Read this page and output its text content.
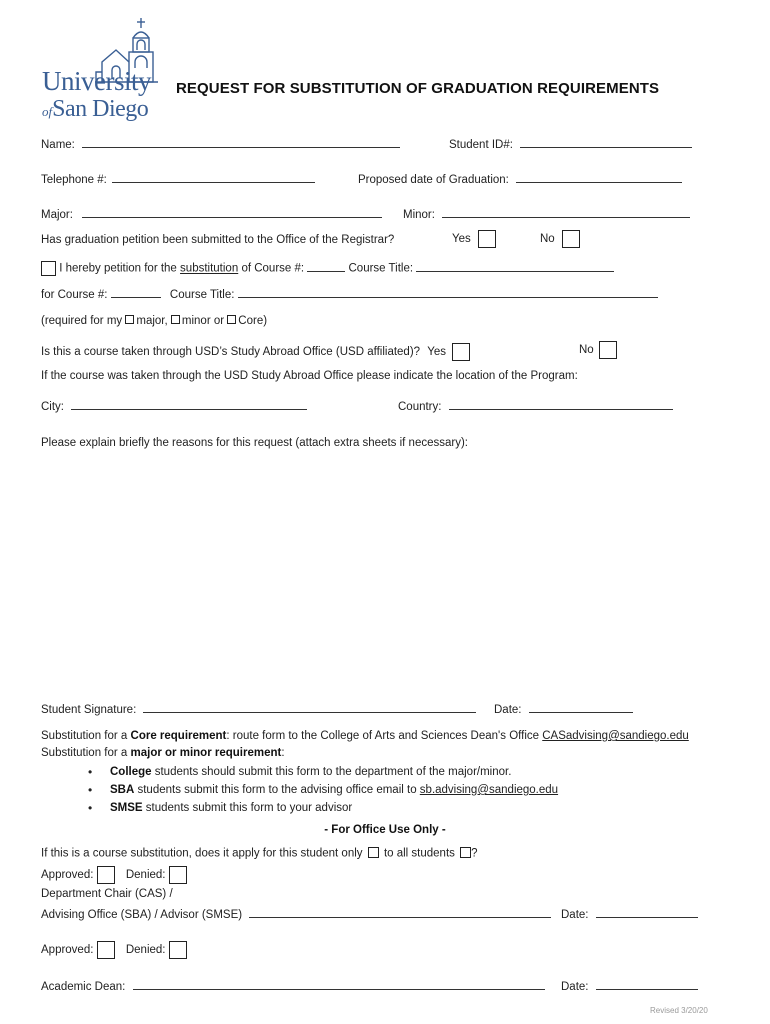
University
ofSan Diego
REQUEST FOR SUBSTITUTION OF GRADUATION REQUIREMENTS
Name:	Student ID#:
Telephone #:	Proposed date of Graduation:
Major:	Minor:
Has graduation petition been submitted to the Office of the Registrar?	Yes	No
I hereby petition for the substitution of Course #:	Course Title:
for Course #:	Course Title:
(required for my major, minor or Core)
Is this a course taken through USD’s Study Abroad Office (USD affiliated)? Yes	No
If the course was taken through the USD Study Abroad Office please indicate the location of the Program:
City:	Country:
Please explain briefly the reasons for this request (attach extra sheets if necessary):
Student Signature:	Date:
Substitution for a Core requirement: route form to the College of Arts and Sciences Dean's Office CASadvising@sandiego.edu
Substitution for a major or minor requirement:
• College students should submit this form to the department of the major/minor.
• SBA students submit this form to the advising office email to sb.advising@sandiego.edu
• SMSE students submit this form to your advisor
- For Office Use Only -
If this is a course substitution, does it apply for this student only to all students ?
Approved:	Denied:
Department Chair (CAS) /
Advising Office (SBA) / Advisor (SMSE)	Date:
Approved:	Denied:
Academic Dean:	Date:
Revised 3/20/20
